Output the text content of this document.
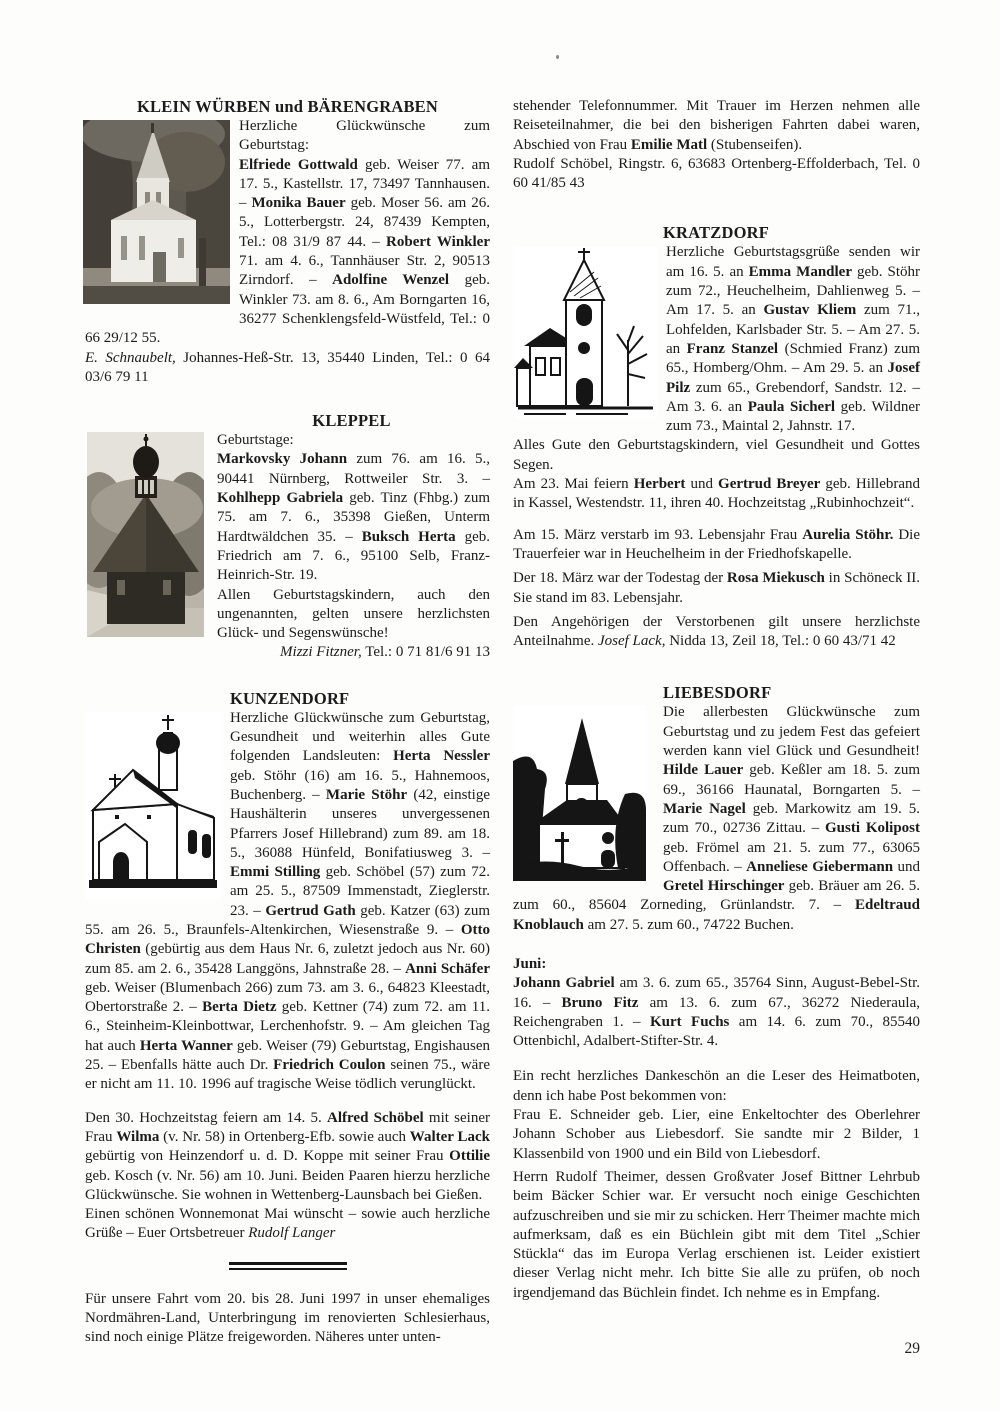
KLEIN WÜRBEN und BÄRENGRABEN

Herzliche Glückwünsche zum Geburtstag:

Elfriede Gottwald geb. Weiser 77. am 17. 5., Kastellstr. 17, 73497 Tannhausen. – Monika Bauer geb. Moser 56. am 26. 5., Lotterbergstr. 24, 87439 Kempten, Tel.: 08 31/9 87 44. – Robert Winkler 71. am 4. 6., Tannhäuser Str. 2, 90513 Zirndorf. – Adolfine Wenzel geb. Winkler 73. am 8. 6., Am Borngarten 16, 36277 Schenklengsfeld-Wüstfeld, Tel.: 0 66 29/12 55.

E. Schnaubelt, Johannes-Heß-Str. 13, 35440 Linden, Tel.: 0 64 03/6 79 11

KLEPPEL

Geburtstage:

Markovsky Johann zum 76. am 16. 5., 90441 Nürnberg, Rottweiler Str. 3. – Kohlhepp Gabriela geb. Tinz (Fhbg.) zum 75. am 7. 6., 35398 Gießen, Unterm Hardtwäldchen 35. – Buksch Herta geb. Friedrich am 7. 6., 95100 Selb, Franz-Heinrich-Str. 19.

Allen Geburtstagskindern, auch den ungenannten, gelten unsere herzlichsten Glück- und Segenswünsche!

Mizzi Fitzner, Tel.: 0 71 81/6 91 13

KUNZENDORF

Herzliche Glückwünsche zum Geburtstag, Gesundheit und weiterhin alles Gute folgenden Landsleuten: Herta Nessler geb. Stöhr (16) am 16. 5., Hahnemoos, Buchenberg. – Marie Stöhr (42, einstige Haushälterin unseres unvergessenen Pfarrers Josef Hillebrand) zum 89. am 18. 5., 36088 Hünfeld, Bonifatiusweg 3. – Emmi Stilling geb. Schöbel (57) zum 72. am 25. 5., 87509 Immenstadt, Zieglerstr. 23. – Gertrud Gath geb. Katzer (63) zum 55. am 26. 5., Braunfels-Altenkirchen, Wiesenstraße 9. – Otto Christen (gebürtig aus dem Haus Nr. 6, zuletzt jedoch aus Nr. 60) zum 85. am 2. 6., 35428 Langgöns, Jahnstraße 28. – Anni Schäfer geb. Weiser (Blumenbach 266) zum 73. am 3. 6., 64823 Kleestadt, Obertorstraße 2. – Berta Dietz geb. Kettner (74) zum 72. am 11. 6., Steinheim-Kleinbottwar, Lerchenhofstr. 9. – Am gleichen Tag hat auch Herta Wanner geb. Weiser (79) Geburtstag, Engishausen 25. – Ebenfalls hätte auch Dr. Friedrich Coulon seinen 75., wäre er nicht am 11. 10. 1996 auf tragische Weise tödlich verunglückt.

Den 30. Hochzeitstag feiern am 14. 5. Alfred Schöbel mit seiner Frau Wilma (v. Nr. 58) in Ortenberg-Efb. sowie auch Walter Lack gebürtig von Heinzendorf u. d. D. Koppe mit seiner Frau Ottilie geb. Kosch (v. Nr. 56) am 10. Juni. Beiden Paaren hierzu herzliche Glückwünsche. Sie wohnen in Wettenberg-Launsbach bei Gießen.

Einen schönen Wonnemonat Mai wünscht – sowie auch herzliche Grüße – Euer Ortsbetreuer Rudolf Langer

Für unsere Fahrt vom 20. bis 28. Juni 1997 in unser ehemaliges Nordmähren-Land, Unterbringung im renovierten Schlesierhaus, sind noch einige Plätze freigeworden. Näheres unter unten-

stehender Telefonnummer. Mit Trauer im Herzen nehmen alle Reiseteilnahmer, die bei den bisherigen Fahrten dabei waren, Abschied von Frau Emilie Matl (Stubenseifen).

Rudolf Schöbel, Ringstr. 6, 63683 Ortenberg-Effolderbach, Tel. 0 60 41/85 43

KRATZDORF

Herzliche Geburtstagsgrüße senden wir am 16. 5. an Emma Mandler geb. Stöhr zum 72., Heuchelheim, Dahlienweg 5. – Am 17. 5. an Gustav Kliem zum 71., Lohfelden, Karlsbader Str. 5. – Am 27. 5. an Franz Stanzel (Schmied Franz) zum 65., Homberg/Ohm. – Am 29. 5. an Josef Pilz zum 65., Grebendorf, Sandstr. 12. – Am 3. 6. an Paula Sicherl geb. Wildner zum 73., Maintal 2, Jahnstr. 17.

Alles Gute den Geburtstagskindern, viel Gesundheit und Gottes Segen.

Am 23. Mai feiern Herbert und Gertrud Breyer geb. Hillebrand in Kassel, Westendstr. 11, ihren 40. Hochzeitstag „Rubinhochzeit“.

Am 15. März verstarb im 93. Lebensjahr Frau Aurelia Stöhr. Die Trauerfeier war in Heuchelheim in der Friedhofskapelle.

Der 18. März war der Todestag der Rosa Miekusch in Schöneck II. Sie stand im 83. Lebensjahr.

Den Angehörigen der Verstorbenen gilt unsere herzlichste Anteilnahme. Josef Lack, Nidda 13, Zeil 18, Tel.: 0 60 43/71 42

LIEBESDORF

Die allerbesten Glückwünsche zum Geburtstag und zu jedem Fest das gefeiert werden kann viel Glück und Gesundheit! Hilde Lauer geb. Keßler am 18. 5. zum 69., 36166 Haunatal, Borngarten 5. – Marie Nagel geb. Markowitz am 19. 5. zum 70., 02736 Zittau. – Gusti Kolipost geb. Frömel am 21. 5. zum 77., 63065 Offenbach. – Anneliese Giebermann und Gretel Hirschinger geb. Bräuer am 26. 5. zum 60., 85604 Zorneding, Grünlandstr. 7. – Edeltraud Knoblauch am 27. 5. zum 60., 74722 Buchen.

Juni:

Johann Gabriel am 3. 6. zum 65., 35764 Sinn, August-Bebel-Str. 16. – Bruno Fitz am 13. 6. zum 67., 36272 Niederaula, Reichengraben 1. – Kurt Fuchs am 14. 6. zum 70., 85540 Ottenbichl, Adalbert-Stifter-Str. 4.

Ein recht herzliches Dankeschön an die Leser des Heimatboten, denn ich habe Post bekommen von:

Frau E. Schneider geb. Lier, eine Enkeltochter des Oberlehrer Johann Schober aus Liebesdorf. Sie sandte mir 2 Bilder, 1 Klassenbild von 1900 und ein Bild von Liebesdorf.

Herrn Rudolf Theimer, dessen Großvater Josef Bittner Lehrbub beim Bäcker Schier war. Er versucht noch einige Geschichten aufzuschreiben und sie mir zu schicken. Herr Theimer machte mich aufmerksam, daß es ein Büchlein gibt mit dem Titel „Schier Stückla“ das im Europa Verlag erschienen ist. Leider existiert dieser Verlag nicht mehr. Ich bitte Sie alle zu prüfen, ob noch irgendjemand das Büchlein findet. Ich nehme es in Empfang.

29
